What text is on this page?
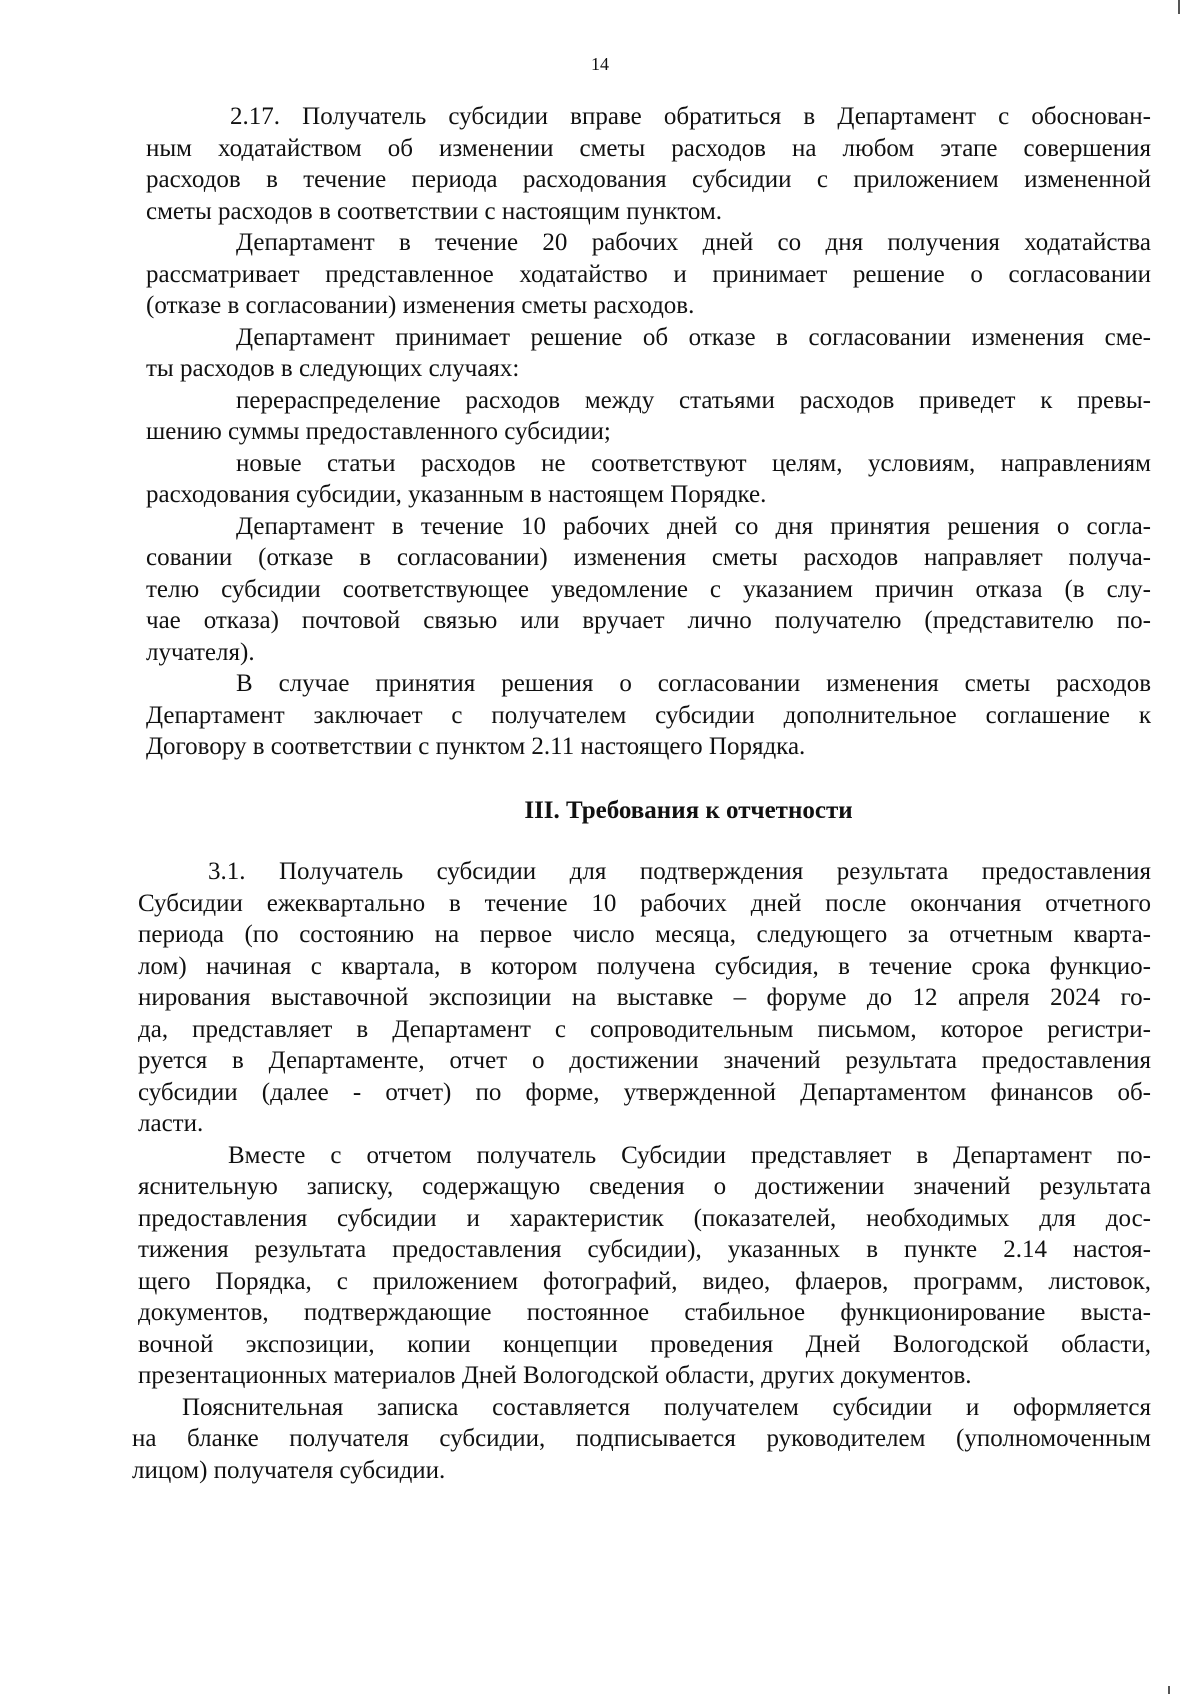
14
2.17. Получатель субсидии вправе обратиться в Департамент с обоснован-
ным ходатайством об изменении сметы расходов на любом этапе совершения
расходов в течение периода расходования субсидии с приложением измененной
сметы расходов в соответствии с настоящим пунктом.
Департамент в течение 20 рабочих дней со дня получения ходатайства
рассматривает представленное ходатайство и принимает решение о согласовании
(отказе в согласовании) изменения сметы расходов.
Департамент принимает решение об отказе в согласовании изменения сме-
ты расходов в следующих случаях:
перераспределение расходов между статьями расходов приведет к превы-
шению суммы предоставленного субсидии;
новые статьи расходов не соответствуют целям, условиям, направлениям
расходования субсидии, указанным в настоящем Порядке.
Департамент в течение 10 рабочих дней со дня принятия решения о согла-
совании (отказе в согласовании) изменения сметы расходов направляет получа-
телю субсидии соответствующее уведомление с указанием причин отказа (в слу-
чае отказа) почтовой связью или вручает лично получателю (представителю по-
лучателя).
В случае принятия решения о согласовании изменения сметы расходов
Департамент заключает с получателем субсидии дополнительное соглашение к
Договору в соответствии с пунктом 2.11 настоящего Порядка.
III. Требования к отчетности
3.1. Получатель субсидии для подтверждения результата предоставления
Субсидии ежеквартально в течение 10 рабочих дней после окончания отчетного
периода (по состоянию на первое число месяца, следующего за отчетным кварта-
лом) начиная с квартала, в котором получена субсидия, в течение срока функцио-
нирования выставочной экспозиции на выставке – форуме до 12 апреля 2024 го-
да, представляет в Департамент с сопроводительным письмом, которое регистри-
руется в Департаменте, отчет о достижении значений результата предоставления
субсидии (далее - отчет) по форме, утвержденной Департаментом финансов об-
ласти.
Вместе с отчетом получатель Субсидии представляет в Департамент по-
яснительную записку, содержащую сведения о достижении значений результата
предоставления субсидии и характеристик (показателей, необходимых для дос-
тижения результата предоставления субсидии), указанных в пункте 2.14 настоя-
щего Порядка, с приложением фотографий, видео, флаеров, программ, листовок,
документов, подтверждающие постоянное стабильное функционирование выста-
вочной экспозиции, копии концепции проведения Дней Вологодской области,
презентационных материалов Дней Вологодской области, других документов.
Пояснительная записка составляется получателем субсидии и оформляется
на бланке получателя субсидии, подписывается руководителем (уполномоченным
лицом) получателя субсидии.
